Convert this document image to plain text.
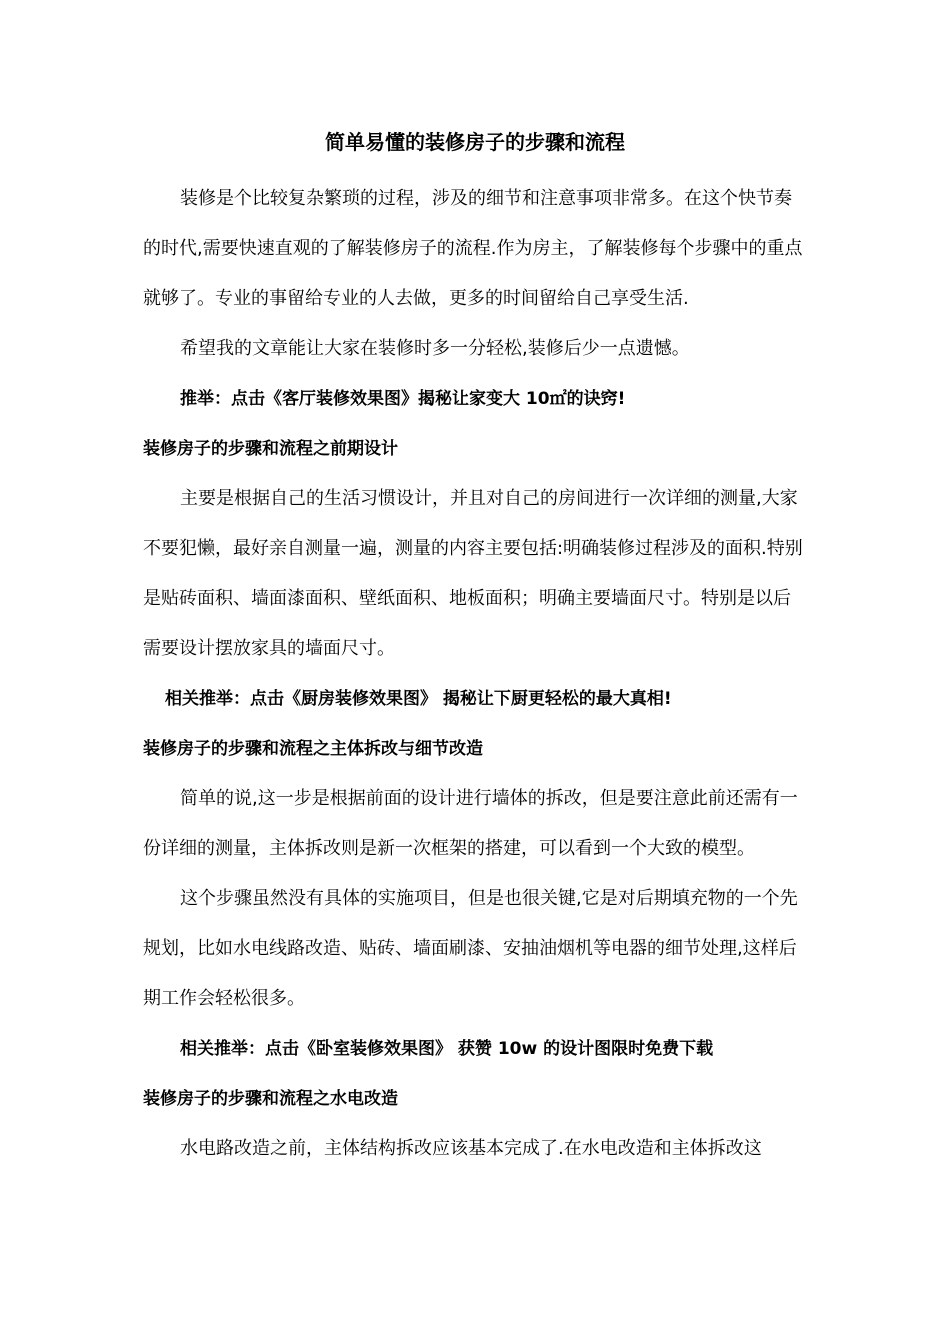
简单易懂的装修房子的步骤和流程

装修是个比较复杂繁琐的过程，涉及的细节和注意事项非常多。在这个快节奏的时代,需要快速直观的了解装修房子的流程.作为房主，了解装修每个步骤中的重点就够了。专业的事留给专业的人去做，更多的时间留给自己享受生活.

希望我的文章能让大家在装修时多一分轻松,装修后少一点遗憾。

推举：点击《客厅装修效果图》揭秘让家变大 10㎡的诀窍!

装修房子的步骤和流程之前期设计

主要是根据自己的生活习惯设计，并且对自己的房间进行一次详细的测量,大家不要犯懒，最好亲自测量一遍，测量的内容主要包括:明确装修过程涉及的面积.特别是贴砖面积、墙面漆面积、壁纸面积、地板面积；明确主要墙面尺寸。特别是以后需要设计摆放家具的墙面尺寸。

相关推举：点击《厨房装修效果图》 揭秘让下厨更轻松的最大真相!

装修房子的步骤和流程之主体拆改与细节改造

简单的说,这一步是根据前面的设计进行墙体的拆改，但是要注意此前还需有一份详细的测量，主体拆改则是新一次框架的搭建，可以看到一个大致的模型。

这个步骤虽然没有具体的实施项目，但是也很关键,它是对后期填充物的一个先规划，比如水电线路改造、贴砖、墙面刷漆、安抽油烟机等电器的细节处理,这样后期工作会轻松很多。

相关推举：点击《卧室装修效果图》 获赞 10w 的设计图限时免费下载

装修房子的步骤和流程之水电改造

水电路改造之前，主体结构拆改应该基本完成了.在水电改造和主体拆改这
